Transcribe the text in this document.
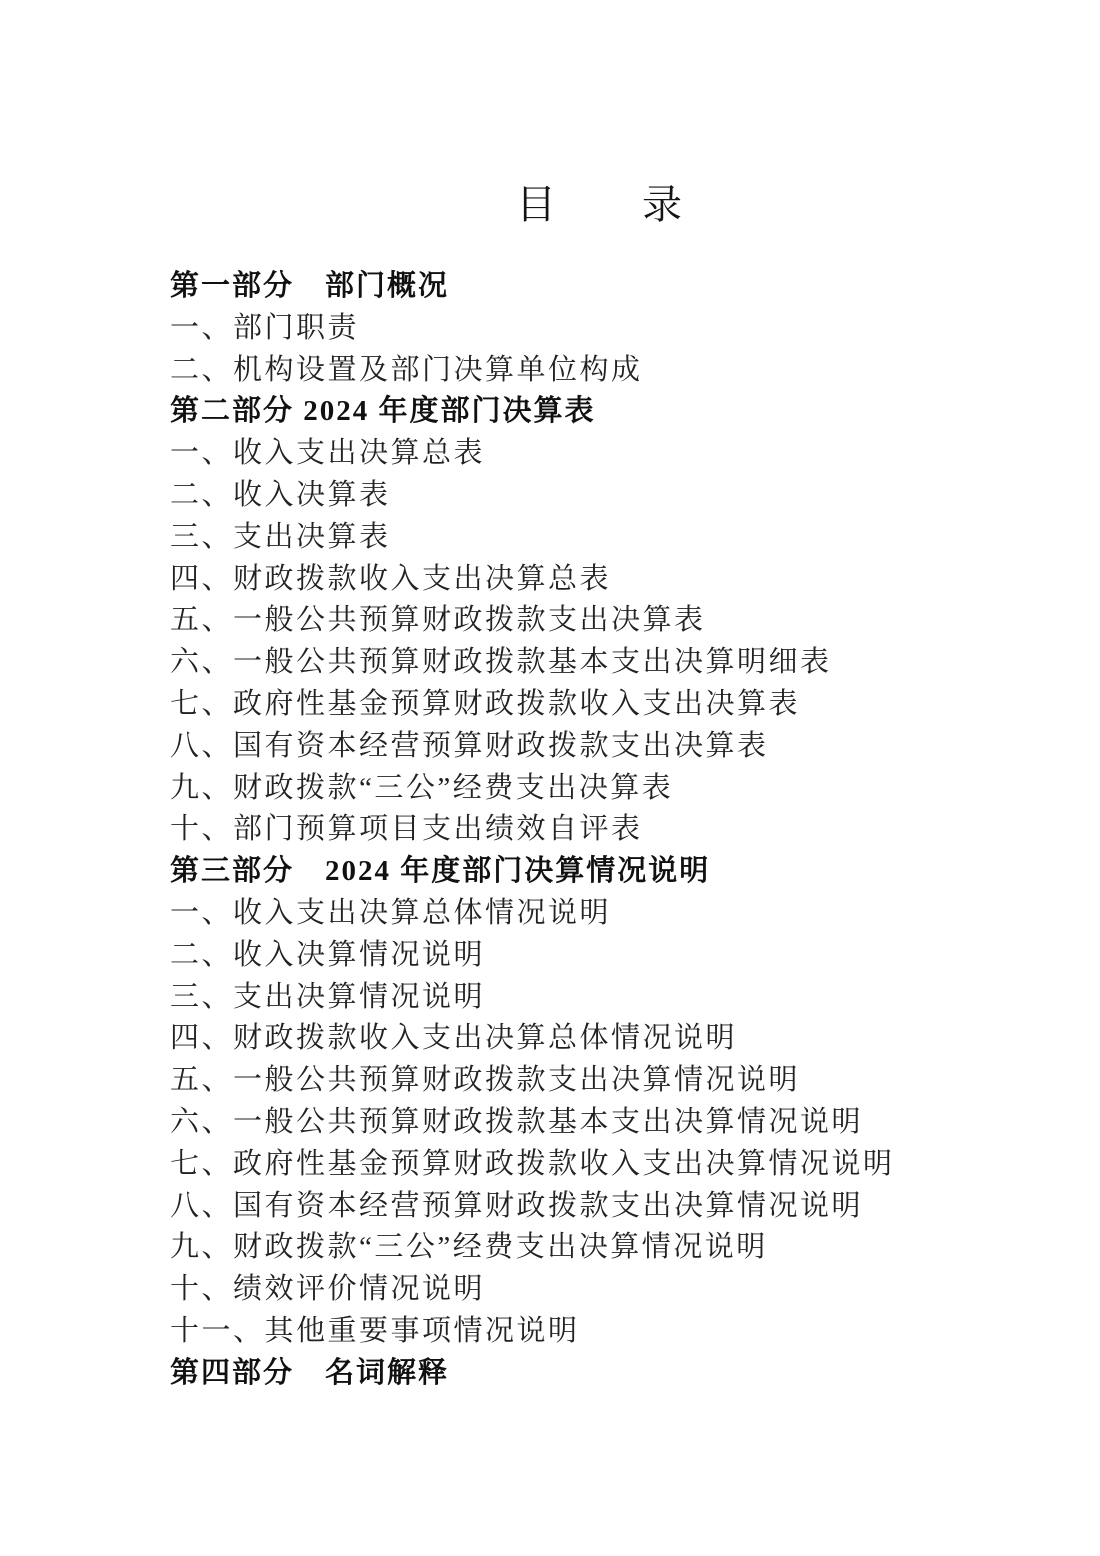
目　　录
第一部分　部门概况
一、部门职责
二、机构设置及部门决算单位构成
第二部分 2024 年度部门决算表
一、收入支出决算总表
二、收入决算表
三、支出决算表
四、财政拨款收入支出决算总表
五、一般公共预算财政拨款支出决算表
六、一般公共预算财政拨款基本支出决算明细表
七、政府性基金预算财政拨款收入支出决算表
八、国有资本经营预算财政拨款支出决算表
九、财政拨款“三公”经费支出决算表
十、部门预算项目支出绩效自评表
第三部分　2024 年度部门决算情况说明
一、收入支出决算总体情况说明
二、收入决算情况说明
三、支出决算情况说明
四、财政拨款收入支出决算总体情况说明
五、一般公共预算财政拨款支出决算情况说明
六、一般公共预算财政拨款基本支出决算情况说明
七、政府性基金预算财政拨款收入支出决算情况说明
八、国有资本经营预算财政拨款支出决算情况说明
九、财政拨款“三公”经费支出决算情况说明
十、绩效评价情况说明
十一、其他重要事项情况说明
第四部分　名词解释
